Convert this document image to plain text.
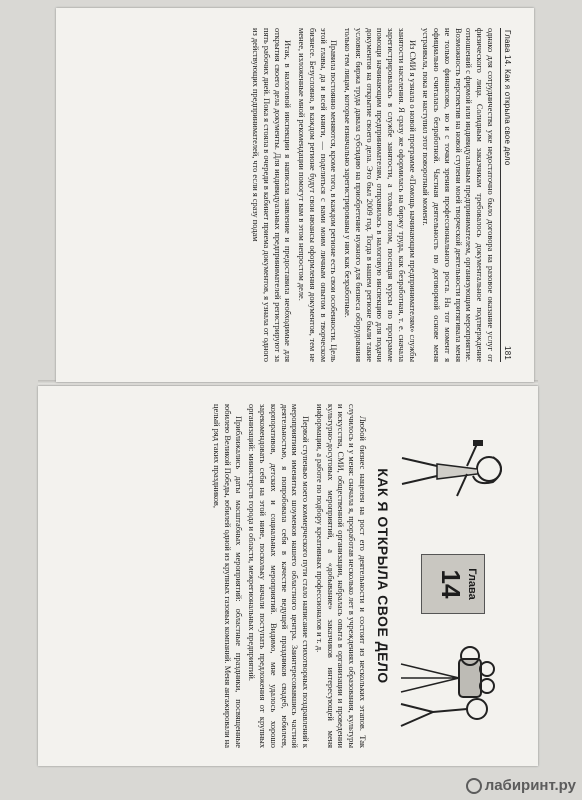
Глава 14. Как я открыла свое дело
181

однако для сотрудничества уже недостаточно было договора на разовое оказание услуг от физического лица. Солидным заказчикам требовалось документальное подтверждение отношений с фирмой или индивидуальным предпринимателем, организующим мероприятие. Возможность перспектив на новой ступени моей творческой деятельности притягивала меня не только финансово, но и с точки зрения профессионального роста. На тот момент я официально считалась безработной. Частная деятельность по договорной основе меня устраивала, пока не наступил этот поворотный момент.

Из СМИ я узнала о новой программе «Помощь начинающим предпринимателям» службы занятости населения. Я сразу же оформилась на биржу труда, как безработная, т. е. сначала зарегистрировалась в службе занятости, а только потом, посещая курсы по программе помощи начинающим предпринимателям, отправилась в налоговую инспекцию для подачи документов на открытие своего дела. Это был 2009 год. Тогда в нашем регионе были такие условия: биржа труда давала субсидию на приобретение нужного для бизнеса оборудования только тем лицам, которые изначально зарегистрированы у них как безработные.

Правила постоянно меняются, кроме того, в каждом регионе есть свои особенности. Цель этой главы, да и всей книги, — поделиться с вами моим личным опытом в творческом бизнесе. Безусловно, в каждом регионе будут свои нюансы оформления документов, тем не менее, изложенные мной рекомендации помогут вам в этом непростом деле.

Итак, в налоговой инспекции я написала заявление и предоставила необходимые для открытия своего дела документы. Для индивидуальных предпринимателей регистрируют за пять рабочих дней. Пока я стояла в очереди в кабинет приема документов, я узнала от одного из действующих предпринимателей, что если я сразу подам

Глава
14
КАК Я ОТКРЫЛА СВОЕ ДЕЛО

Любой бизнес нацелен на рост его деятельности и состоит из нескольких этапов. Так случилось и у меня: сначала я, проработав несколько лет в учреждениях образования, культуры и искусства, СМИ, общественной организации, набралась опыта в организации и проведении культурно-досуговых мероприятий, а «добывание» заказчиков интересующей меня информации, а работе по подбору креативных профессионалов и т. д.

Первой ступенью моего коммерческого пути стало написание стихотворных поздравлений к мероприятиям именитых шоуменов нашего областного центра. Заинтересовавшись частной деятельностью, я попробовала себя в качестве ведущей праздников свадеб, юбилеев, корпоративов, детских и социальных мероприятий. Видимо, мне удалось хорошо зарекомендовать себя на этой ниве, поскольку начали поступать предложения от крупных организаций: министерств города и области, межрегиональных предприятий.

Приближались даты масштабных мероприятий: областные праздники, посвященные юбилею Великой Победы, юбилей одной из крупных газовых компаний. Меня ангажировали на целый ряд таких праздников,

лабиринт.ру
